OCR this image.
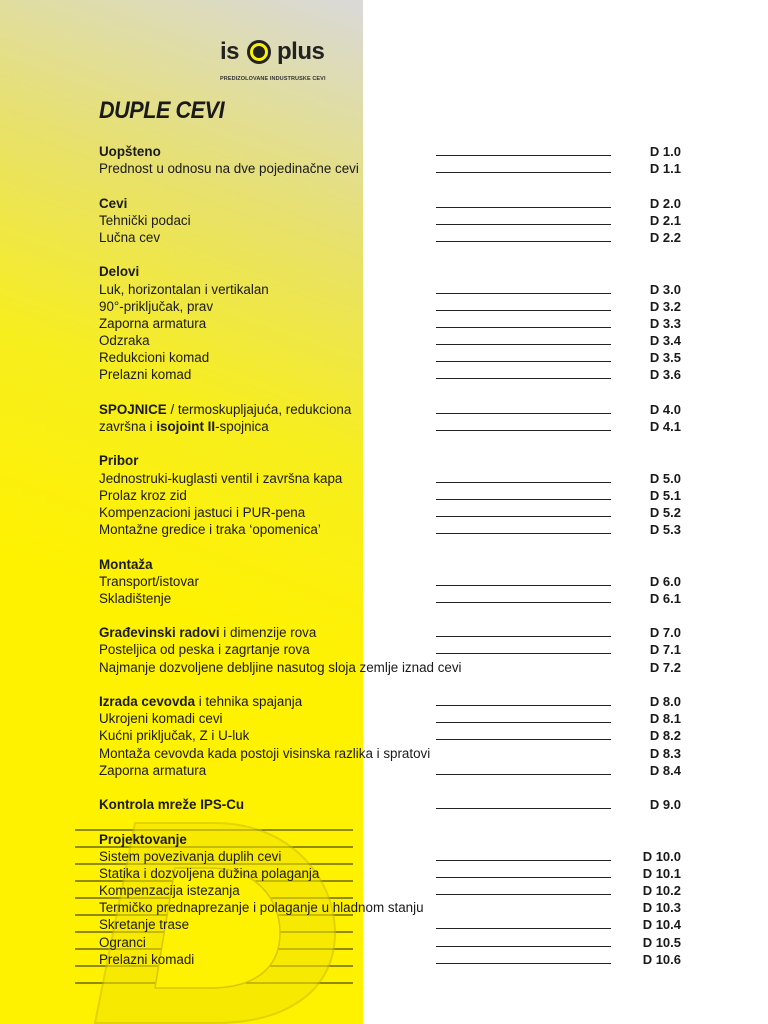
is plus
PREDIZOLOVANE INDUSTRUSKE CEVI
DUPLE CEVI
Uopšteno	D 1.0
Prednost u odnosu na dve pojedinačne cevi	D 1.1
Cevi	D 2.0
Tehnički podaci	D 2.1
Lučna cev	D 2.2
Delovi
Luk, horizontalan i vertikalan	D 3.0
90°-priključak, prav	D 3.2
Zaporna armatura	D 3.3
Odzraka	D 3.4
Redukcioni komad	D 3.5
Prelazni komad	D 3.6
SPOJNICE / termoskupljajuća, redukciona	D 4.0
završna i isojoint II-spojnica	D 4.1
Pribor
Jednostruki-kuglasti ventil i završna kapa	D 5.0
Prolaz kroz zid	D 5.1
Kompenzacioni jastuci i PUR-pena	D 5.2
Montažne gredice i traka ‘opomenica’	D 5.3
Montaža
Transport/istovar	D 6.0
Skladištenje	D 6.1
Građevinski radovi i dimenzije rova	D 7.0
Posteljica od peska i zagrtanje rova	D 7.1
Najmanje dozvoljene debljine nasutog sloja zemlje iznad cevi	D 7.2
Izrada cevovda i tehnika spajanja	D 8.0
Ukrojeni komadi cevi	D 8.1
Kućni priključak, Z i U-luk	D 8.2
Montaža cevovda kada postoji visinska razlika i spratovi	D 8.3
Zaporna armatura	D 8.4
Kontrola mreže IPS-Cu	D 9.0
Projektovanje
Sistem povezivanja duplih cevi	D 10.0
Statika i dozvoljena dužina polaganja	D 10.1
Kompenzacija istezanja	D 10.2
Termičko prednaprezanje i polaganje u hladnom stanju	D 10.3
Skretanje trase	D 10.4
Ogranci	D 10.5
Prelazni komadi	D 10.6
